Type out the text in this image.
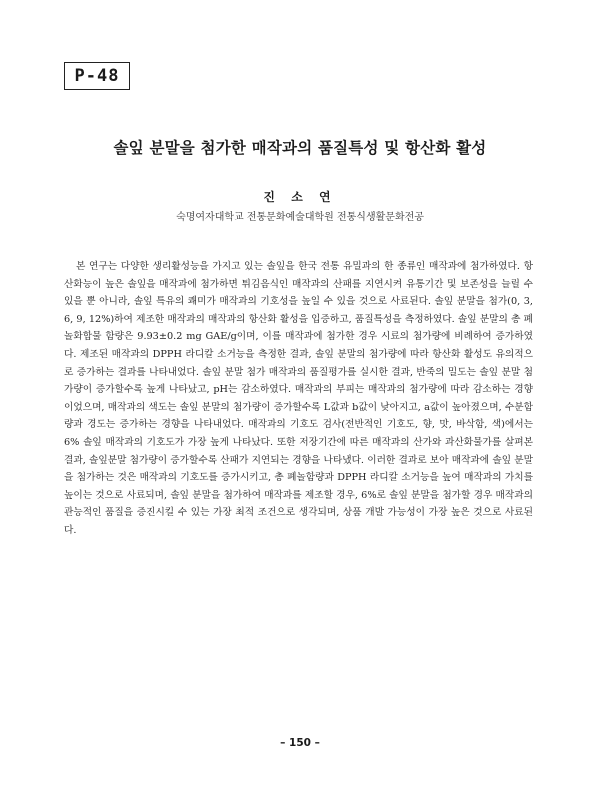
P-48
솔잎 분말을 첨가한 매작과의 품질특성 및 항산화 활성
진 소 연
숙명여자대학교 전통문화예술대학원 전통식생활문화전공

본 연구는 다양한 생리활성능을 가지고 있는 솔잎을 한국 전통 유밀과의 한 종류인 매작과에 첨가하였다. 항산화능이 높은 솔잎을 매작과에 첨가하면 튀김음식인 매작과의 산패를 지연시켜 유통기간 및 보존성을 늘릴 수 있을 뿐 아니라, 솔잎 특유의 쾌미가 매작과의 기호성을 높일 수 있을 것으로 사료된다. 솔잎 분말을 첨가(0, 3, 6, 9, 12%)하여 제조한 매작과의 매작과의 항산화 활성을 입증하고, 품질특성을 측정하였다. 솔잎 분말의 총 폐놀화합물 함량은 9.93±0.2 mg GAE/g이며, 이를 매작과에 첨가한 경우 시료의 첨가량에 비례하여 증가하였다. 제조된 매작과의 DPPH 라디칼 소거능을 측정한 결과, 솔잎 분말의 첨가량에 따라 항산화 활성도 유의적으로 증가하는 결과를 나타내었다. 솔잎 분말 첨가 매작과의 품질평가를 실시한 결과, 반죽의 밀도는 솔잎 분말 첨가량이 증가할수록 높게 나타났고, pH는 감소하였다. 매작과의 부피는 매작과의 첨가량에 따라 감소하는 경향이었으며, 매작과의 색도는 솔잎 분말의 첨가량이 증가할수록 L값과 b값이 낮아지고, a값이 높아졌으며, 수분함량과 경도는 증가하는 경향을 나타내었다. 매작과의 기호도 검사(전반적인 기호도, 향, 맛, 바삭함, 색)에서는 6% 솔잎 매작과의 기호도가 가장 높게 나타났다. 또한 저장기간에 따른 매작과의 산가와 과산화물가를 살펴본 결과, 솔잎분말 첨가량이 증가할수록 산패가 지연되는 경향을 나타냈다. 이러한 결과로 보아 매작과에 솔잎 분말을 첨가하는 것은 매작과의 기호도를 증가시키고, 총 폐놀함량과 DPPH 라디칼 소거능을 높여 매작과의 가치를 높이는 것으로 사료되며, 솔잎 분말을 첨가하여 매작과를 제조할 경우, 6%로 솔잎 분말을 첨가할 경우 매작과의 관능적인 품질을 증진시킬 수 있는 가장 최적 조건으로 생각되며, 상품 개발 가능성이 가장 높은 것으로 사료된다.

– 150 –
